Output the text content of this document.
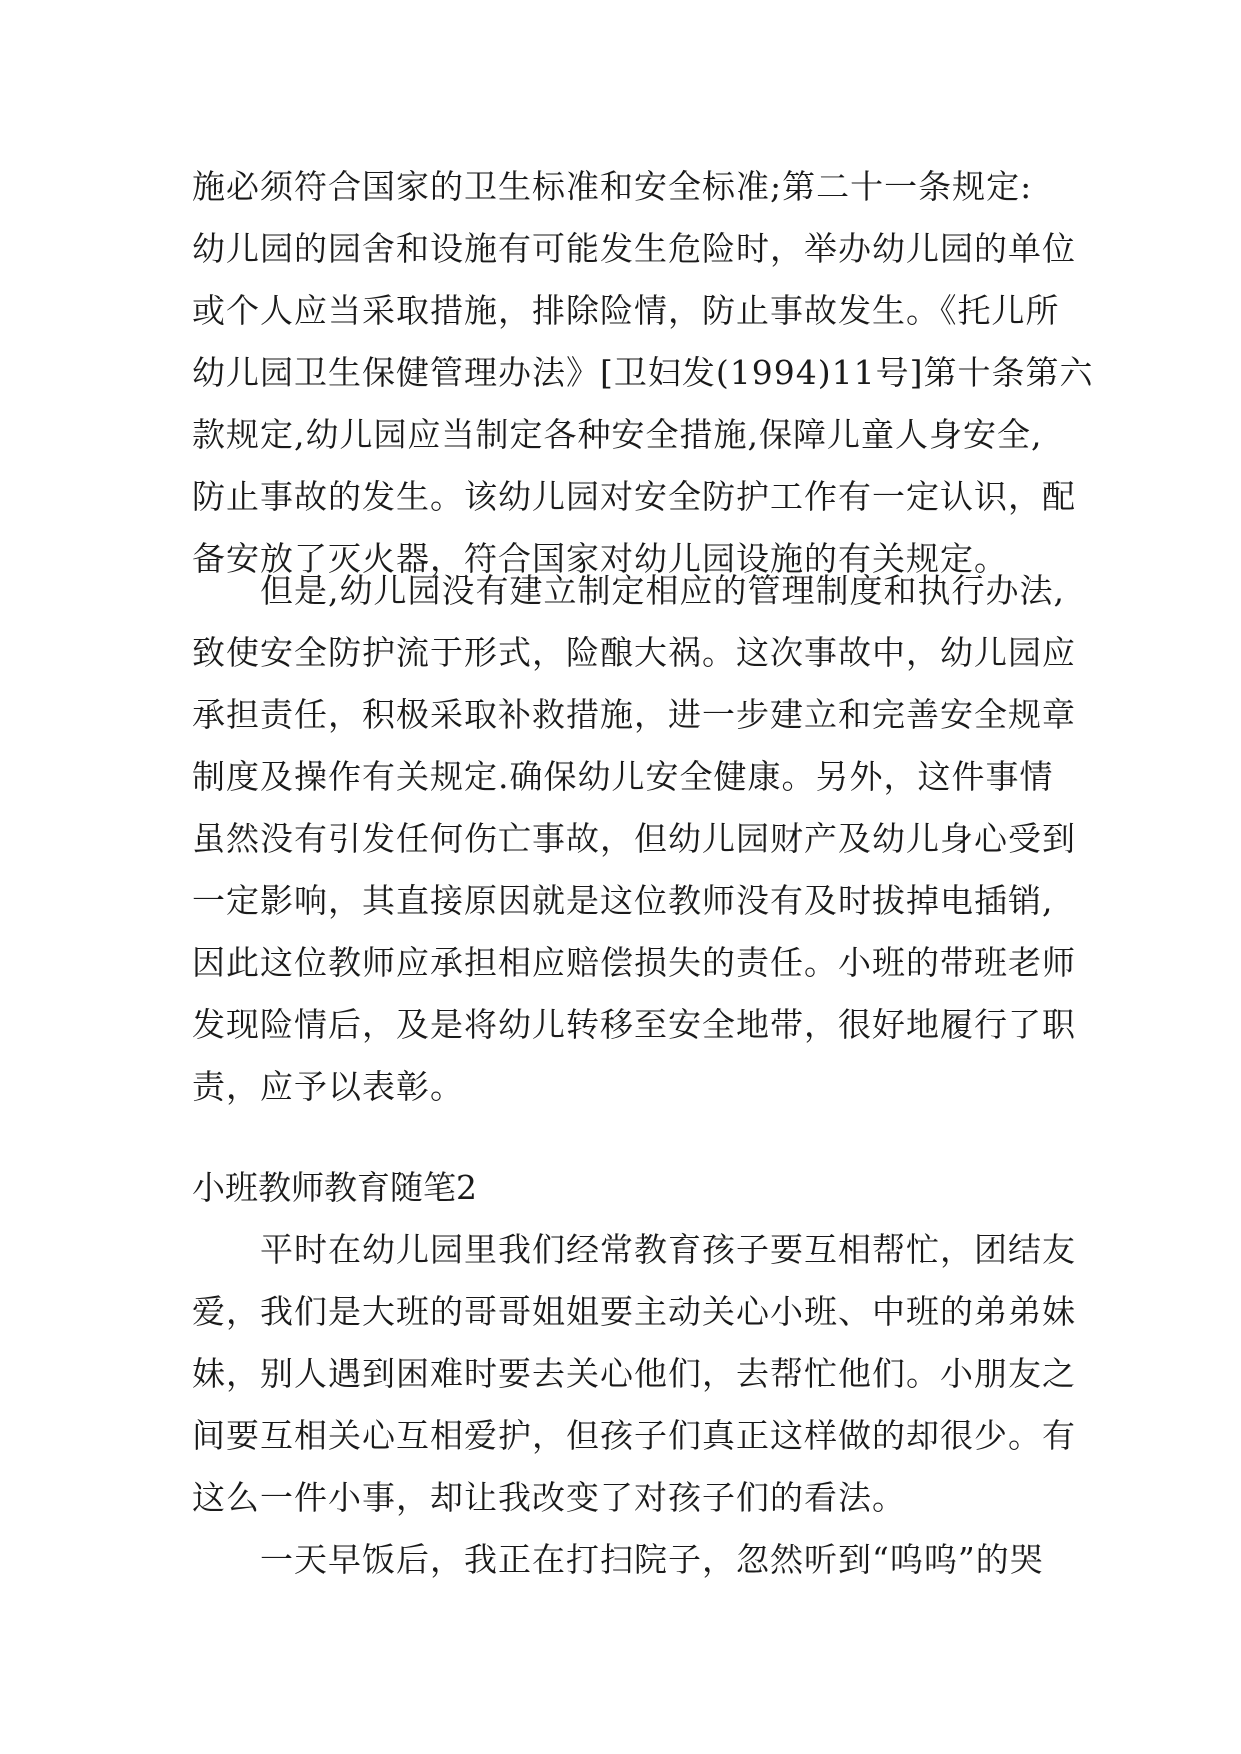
施必须符合国家的卫生标准和安全标准;第二十一条规定:
幼儿园的园舍和设施有可能发生危险时，举办幼儿园的单位
或个人应当采取措施，排除险情，防止事故发生。《托儿所
幼儿园卫生保健管理办法》[卫妇发(1994)11号]第十条第六
款规定,幼儿园应当制定各种安全措施,保障儿童人身安全,
防止事故的发生。该幼儿园对安全防护工作有一定认识，配
备安放了灭火器，符合国家对幼儿园设施的有关规定。
但是,幼儿园没有建立制定相应的管理制度和执行办法,
致使安全防护流于形式，险酿大祸。这次事故中，幼儿园应
承担责任，积极采取补救措施，进一步建立和完善安全规章
制度及操作有关规定.确保幼儿安全健康。另外，这件事情
虽然没有引发任何伤亡事故，但幼儿园财产及幼儿身心受到
一定影响，其直接原因就是这位教师没有及时拔掉电插销,
因此这位教师应承担相应赔偿损失的责任。小班的带班老师
发现险情后，及是将幼儿转移至安全地带，很好地履行了职
责，应予以表彰。
小班教师教育随笔2
平时在幼儿园里我们经常教育孩子要互相帮忙，团结友
爱，我们是大班的哥哥姐姐要主动关心小班、中班的弟弟妹
妹，别人遇到困难时要去关心他们，去帮忙他们。小朋友之
间要互相关心互相爱护，但孩子们真正这样做的却很少。有
这么一件小事，却让我改变了对孩子们的看法。
一天早饭后，我正在打扫院子，忽然听到“呜呜”的哭
